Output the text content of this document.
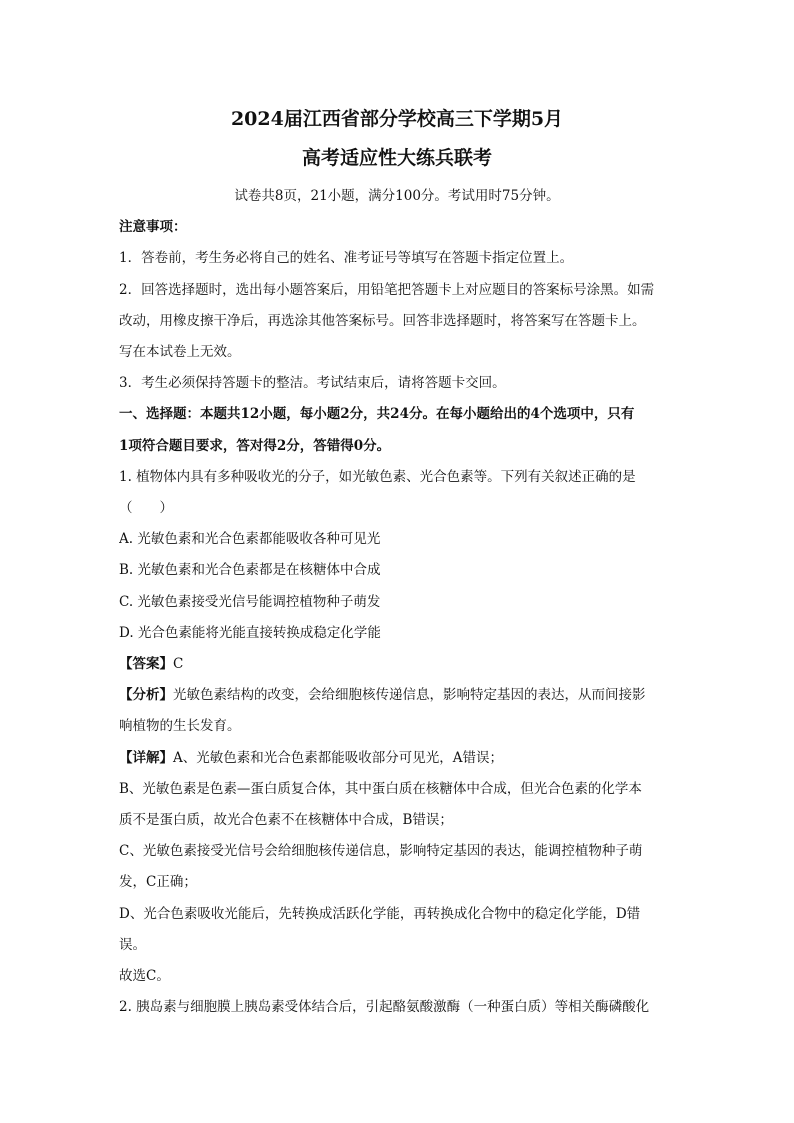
2024届江西省部分学校高三下学期5月
高考适应性大练兵联考
试卷共8页，21小题，满分100分。考试用时75分钟。
注意事项：
1．答卷前，考生务必将自己的姓名、准考证号等填写在答题卡指定位置上。
2．回答选择题时，选出每小题答案后，用铅笔把答题卡上对应题目的答案标号涂黑。如需
改动，用橡皮擦干净后，再选涂其他答案标号。回答非选择题时，将答案写在答题卡上。
写在本试卷上无效。
3．考生必须保持答题卡的整洁。考试结束后，请将答题卡交回。
一、选择题：本题共12小题，每小题2分，共24分。在每小题给出的4个选项中，只有
1项符合题目要求，答对得2分，答错得0分。
1. 植物体内具有多种吸收光的分子，如光敏色素、光合色素等。下列有关叙述正确的是
（　　）
A. 光敏色素和光合色素都能吸收各种可见光
B. 光敏色素和光合色素都是在核糖体中合成
C. 光敏色素接受光信号能调控植物种子萌发
D. 光合色素能将光能直接转换成稳定化学能
【答案】C
【分析】光敏色素结构的改变，会给细胞核传递信息，影响特定基因的表达，从而间接影
响植物的生长发育。
【详解】A、光敏色素和光合色素都能吸收部分可见光，A错误；
B、光敏色素是色素—蛋白质复合体，其中蛋白质在核糖体中合成，但光合色素的化学本
质不是蛋白质，故光合色素不在核糖体中合成，B错误；
C、光敏色素接受光信号会给细胞核传递信息，影响特定基因的表达，能调控植物种子萌
发，C正确；
D、光合色素吸收光能后，先转换成活跃化学能，再转换成化合物中的稳定化学能，D错
误。
故选C。
2. 胰岛素与细胞膜上胰岛素受体结合后，引起酪氨酸激酶（一种蛋白质）等相关酶磷酸化
